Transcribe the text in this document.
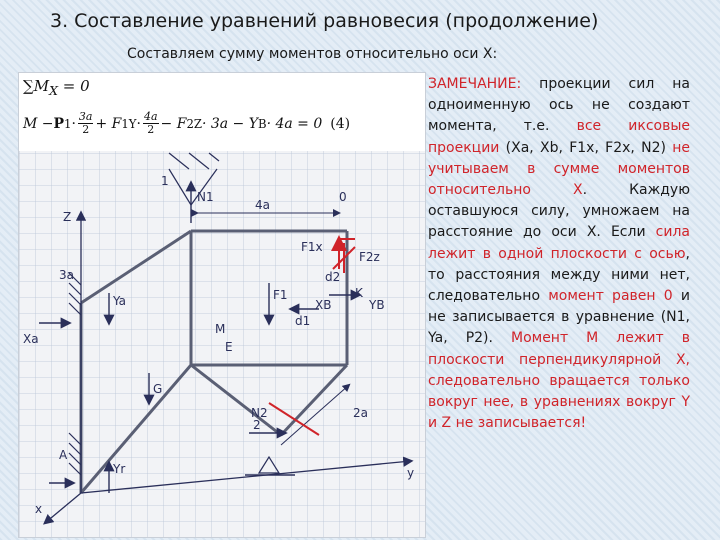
3. Составление уравнений равновесия (продолжение)
Составляем сумму моментов относительно оси X:
Z
y
x
N1
1
0
2
F1x
F2z
M
E
K
YB
XB
Ya
Xa
G
A
N2
Yr
4a
3a
2a
F1
d1
d2
$\sum M_X = 0$
M − P $1 \cdot \frac{3a}{2} + F$ $1Y \cdot \frac{4a}{2} - F$ 2Z · 3a − Y B · 4a = 0 (4)
ЗАМЕЧАНИЕ: проекции сил на одноименную ось не создают момента, т.е. все иксовые проекции (Xa, Xb, F1x, F2x, N2) не учитываем в сумме моментов относительно Х. Каждую оставшуюся силу, умножаем на расстояние до оси Х. Если сила лежит в одной плоскости с осью, то расстояния между ними нет, следовательно момент равен 0 и не записывается в уравнение (N1, Ya, P2). Момент М лежит в плоскости перпендикулярной Х, следовательно вращается только вокруг нее, в уравнениях вокруг Y и Z не записывается!
